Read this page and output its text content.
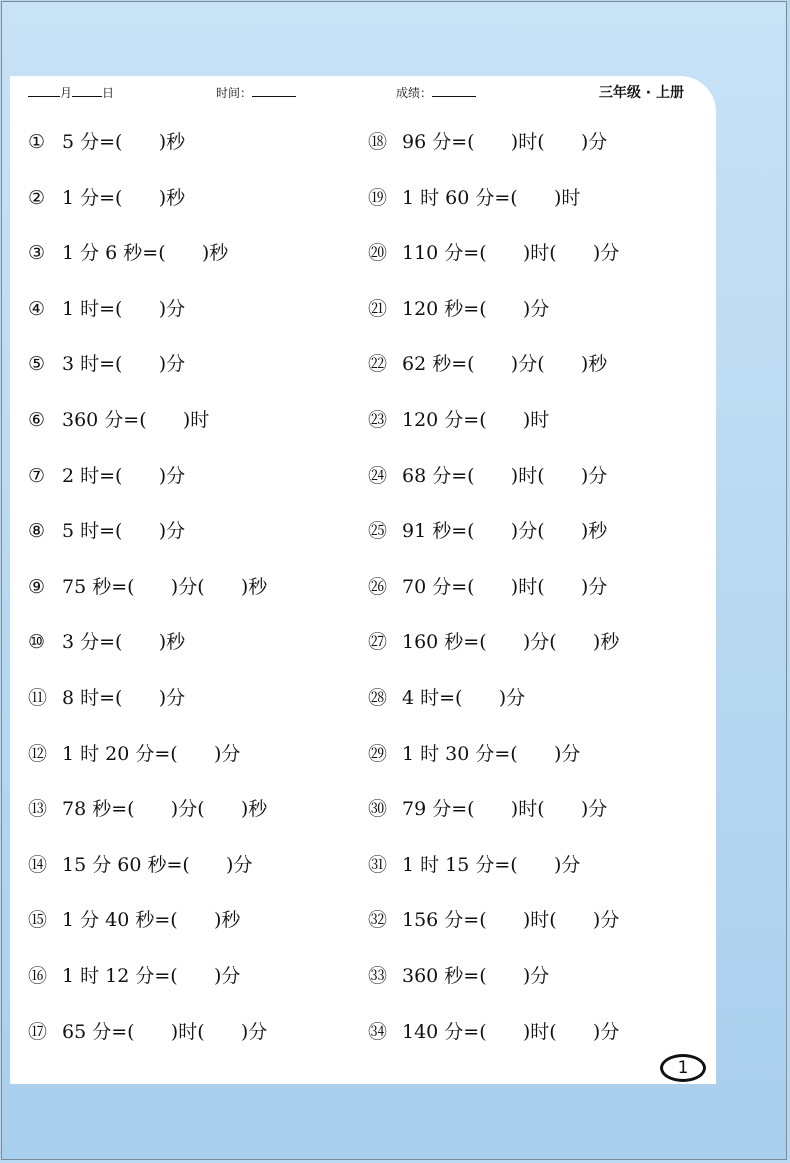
月	日	时间：	成绩：	三年级 · 上册
① 5 分=(      )秒
② 1 分=(      )秒
③ 1 分 6 秒=(      )秒
④ 1 时=(      )分
⑤ 3 时=(      )分
⑥ 360 分=(      )时
⑦ 2 时=(      )分
⑧ 5 时=(      )分
⑨ 75 秒=(      )分(      )秒
⑩ 3 分=(      )秒
⑪ 8 时=(      )分
⑫ 1 时 20 分=(      )分
⑬ 78 秒=(      )分(      )秒
⑭ 15 分 60 秒=(      )分
⑮ 1 分 40 秒=(      )秒
⑯ 1 时 12 分=(      )分
⑰ 65 分=(      )时(      )分
⑱ 96 分=(      )时(      )分
⑲ 1 时 60 分=(      )时
⑳ 110 分=(      )时(      )分
㉑ 120 秒=(      )分
㉒ 62 秒=(      )分(      )秒
㉓ 120 分=(      )时
㉔ 68 分=(      )时(      )分
㉕ 91 秒=(      )分(      )秒
㉖ 70 分=(      )时(      )分
㉗ 160 秒=(      )分(      )秒
㉘ 4 时=(      )分
㉙ 1 时 30 分=(      )分
㉚ 79 分=(      )时(      )分
㉛ 1 时 15 分=(      )分
㉜ 156 分=(      )时(      )分
㉝ 360 秒=(      )分
㉞ 140 分=(      )时(      )分
1
